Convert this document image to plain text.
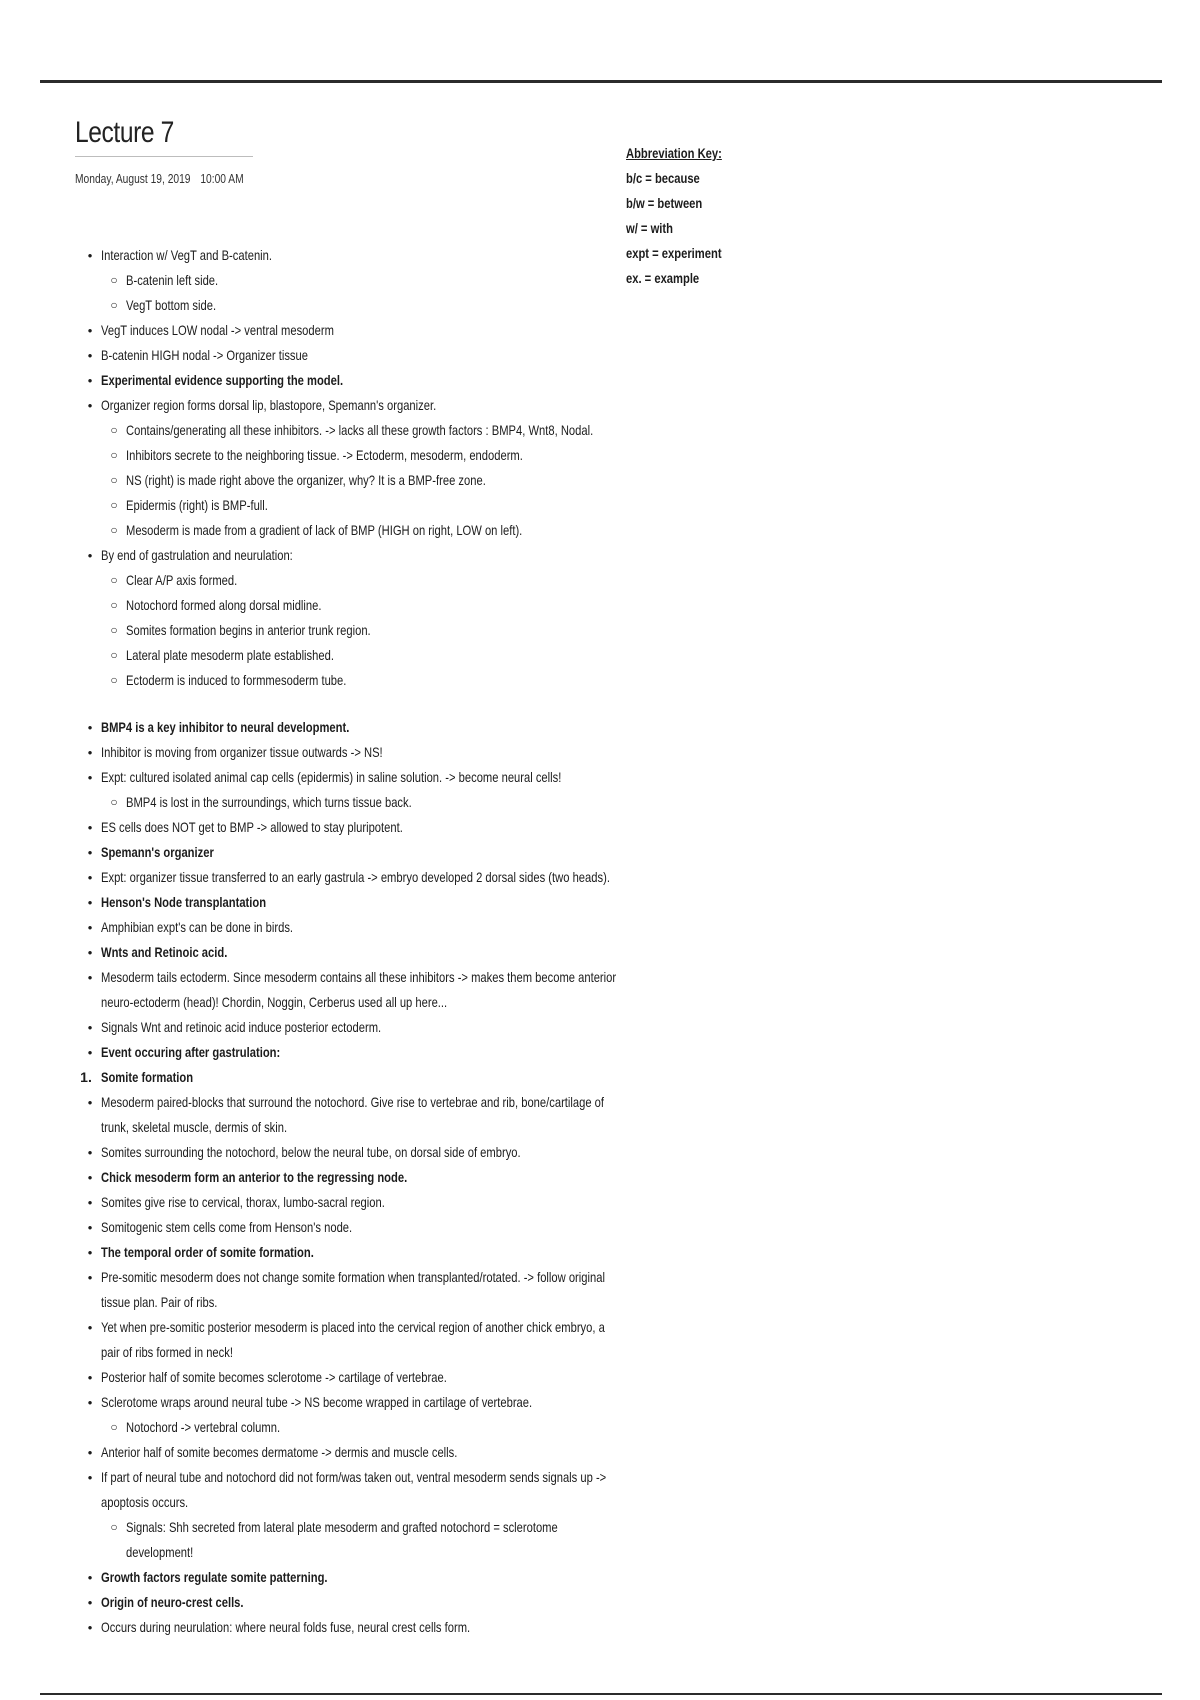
Lecture 7
Monday, August 19, 2019 10:00 AM
Abbreviation Key:
b/c = because
b/w = between
w/ = with
expt = experiment
ex. = example
• Interaction w/ VegT and B-catenin.
○ B-catenin left side.
○ VegT bottom side.
• VegT induces LOW nodal -> ventral mesoderm
• B-catenin HIGH nodal -> Organizer tissue
• Experimental evidence supporting the model.
• Organizer region forms dorsal lip, blastopore, Spemann's organizer.
○ Contains/generating all these inhibitors. -> lacks all these growth factors : BMP4, Wnt8, Nodal.
○ Inhibitors secrete to the neighboring tissue. -> Ectoderm, mesoderm, endoderm.
○ NS (right) is made right above the organizer, why? It is a BMP-free zone.
○ Epidermis (right) is BMP-full.
○ Mesoderm is made from a gradient of lack of BMP (HIGH on right, LOW on left).
• By end of gastrulation and neurulation:
○ Clear A/P axis formed.
○ Notochord formed along dorsal midline.
○ Somites formation begins in anterior trunk region.
○ Lateral plate mesoderm plate established.
○ Ectoderm is induced to formmesoderm tube.
• BMP4 is a key inhibitor to neural development.
• Inhibitor is moving from organizer tissue outwards -> NS!
• Expt: cultured isolated animal cap cells (epidermis) in saline solution. -> become neural cells!
○ BMP4 is lost in the surroundings, which turns tissue back.
• ES cells does NOT get to BMP -> allowed to stay pluripotent.
• Spemann's organizer
• Expt: organizer tissue transferred to an early gastrula -> embryo developed 2 dorsal sides (two heads).
• Henson's Node transplantation
• Amphibian expt's can be done in birds.
• Wnts and Retinoic acid.
• Mesoderm tails ectoderm. Since mesoderm contains all these inhibitors -> makes them become anterior
neuro-ectoderm (head)! Chordin, Noggin, Cerberus used all up here...
• Signals Wnt and retinoic acid induce posterior ectoderm.
• Event occuring after gastrulation:
1. Somite formation
• Mesoderm paired-blocks that surround the notochord. Give rise to vertebrae and rib, bone/cartilage of
trunk, skeletal muscle, dermis of skin.
• Somites surrounding the notochord, below the neural tube, on dorsal side of embryo.
• Chick mesoderm form an anterior to the regressing node.
• Somites give rise to cervical, thorax, lumbo-sacral region.
• Somitogenic stem cells come from Henson's node.
• The temporal order of somite formation.
• Pre-somitic mesoderm does not change somite formation when transplanted/rotated. -> follow original
tissue plan. Pair of ribs.
• Yet when pre-somitic posterior mesoderm is placed into the cervical region of another chick embryo, a
pair of ribs formed in neck!
• Posterior half of somite becomes sclerotome -> cartilage of vertebrae.
• Sclerotome wraps around neural tube -> NS become wrapped in cartilage of vertebrae.
○ Notochord -> vertebral column.
• Anterior half of somite becomes dermatome -> dermis and muscle cells.
• If part of neural tube and notochord did not form/was taken out, ventral mesoderm sends signals up ->
apoptosis occurs.
○ Signals: Shh secreted from lateral plate mesoderm and grafted notochord = sclerotome
development!
• Growth factors regulate somite patterning.
• Origin of neuro-crest cells.
• Occurs during neurulation: where neural folds fuse, neural crest cells form.
